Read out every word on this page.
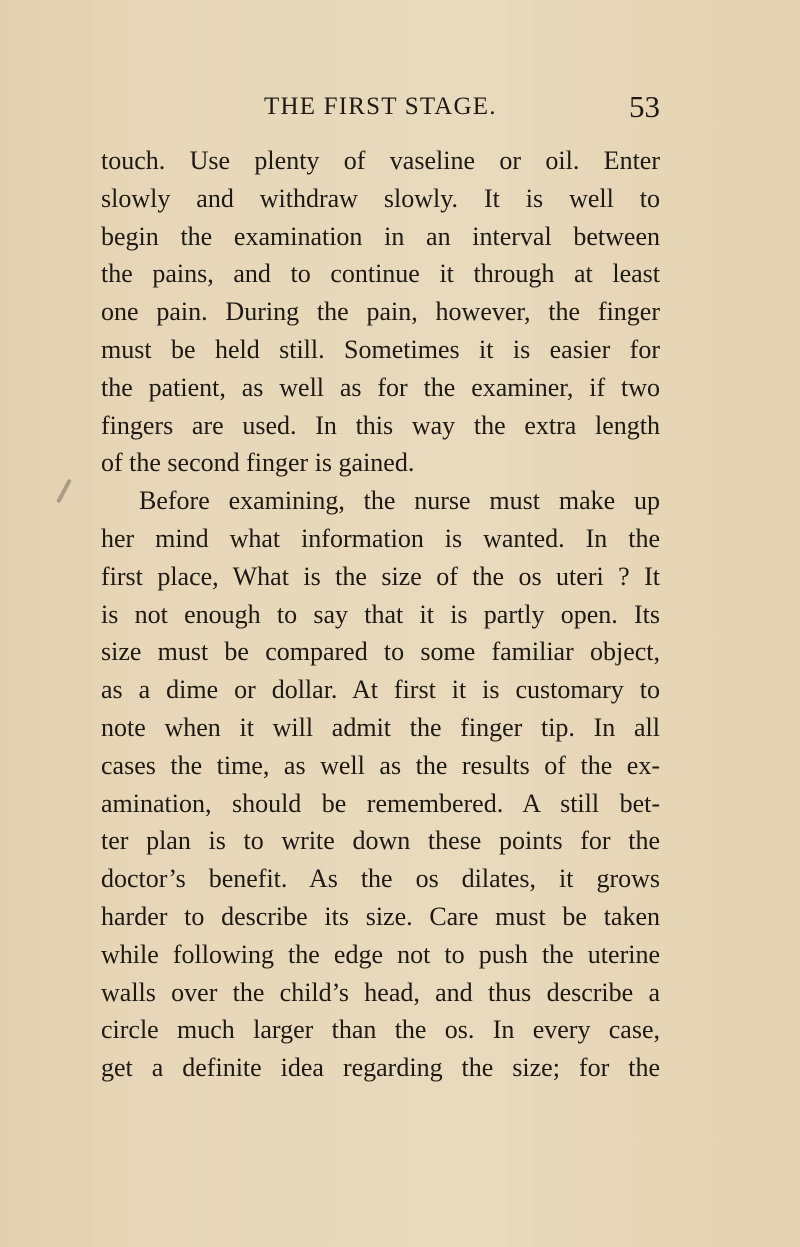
THE FIRST STAGE.	53
touch. Use plenty of vaseline or oil. Enter
slowly and withdraw slowly. It is well to
begin the examination in an interval between
the pains, and to continue it through at least
one pain. During the pain, however, the finger
must be held still. Sometimes it is easier for
the patient, as well as for the examiner, if two
fingers are used. In this way the extra length
of the second finger is gained.
Before examining, the nurse must make up
her mind what information is wanted. In the
first place, What is the size of the os uteri ? It
is not enough to say that it is partly open. Its
size must be compared to some familiar object,
as a dime or dollar. At first it is customary to
note when it will admit the finger tip. In all
cases the time, as well as the results of the ex-
amination, should be remembered. A still bet-
ter plan is to write down these points for the
doctor’s benefit. As the os dilates, it grows
harder to describe its size. Care must be taken
while following the edge not to push the uterine
walls over the child’s head, and thus describe a
circle much larger than the os. In every case,
get a definite idea regarding the size; for the
